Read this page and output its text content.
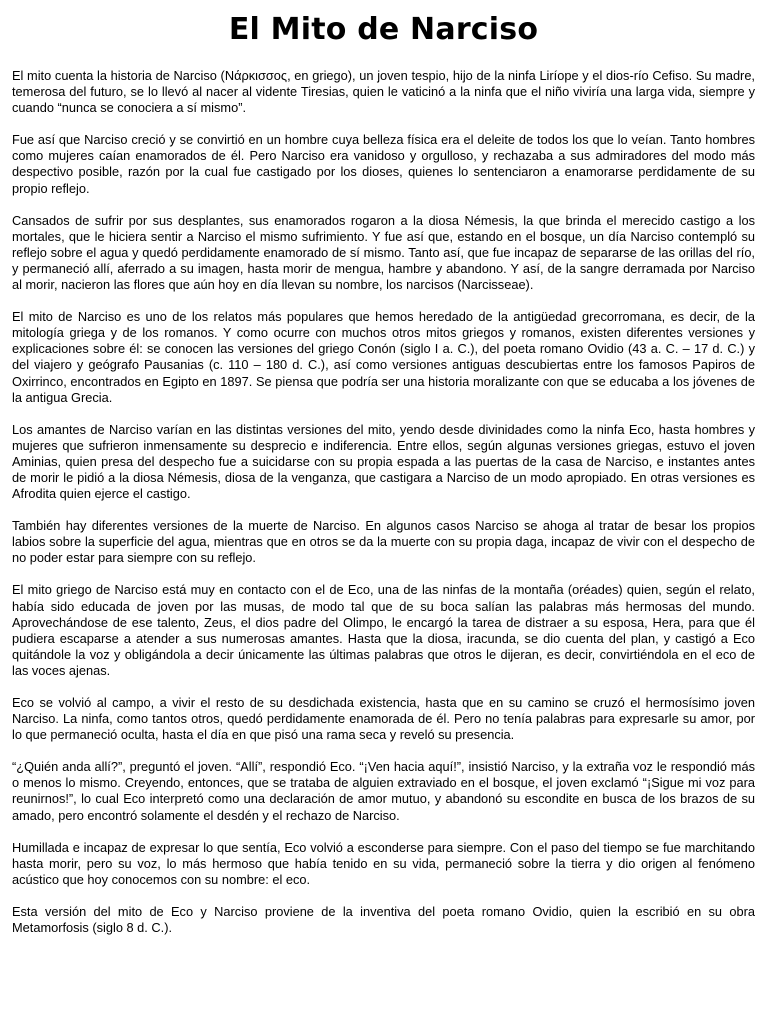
El Mito de Narciso

El mito cuenta la historia de Narciso (Νάρκισσος, en griego), un joven tespio, hijo de la ninfa Liríope y el dios-río Cefiso. Su madre, temerosa del futuro, se lo llevó al nacer al vidente Tiresias, quien le vaticinó a la ninfa que el niño viviría una larga vida, siempre y cuando “nunca se conociera a sí mismo”.

Fue así que Narciso creció y se convirtió en un hombre cuya belleza física era el deleite de todos los que lo veían. Tanto hombres como mujeres caían enamorados de él. Pero Narciso era vanidoso y orgulloso, y rechazaba a sus admiradores del modo más despectivo posible, razón por la cual fue castigado por los dioses, quienes lo sentenciaron a enamorarse perdidamente de su propio reflejo.

Cansados de sufrir por sus desplantes, sus enamorados rogaron a la diosa Némesis, la que brinda el merecido castigo a los mortales, que le hiciera sentir a Narciso el mismo sufrimiento. Y fue así que, estando en el bosque, un día Narciso contempló su reflejo sobre el agua y quedó perdidamente enamorado de sí mismo. Tanto así, que fue incapaz de separarse de las orillas del río, y permaneció allí, aferrado a su imagen, hasta morir de mengua, hambre y abandono. Y así, de la sangre derramada por Narciso al morir, nacieron las flores que aún hoy en día llevan su nombre, los narcisos (Narcisseae).

El mito de Narciso es uno de los relatos más populares que hemos heredado de la antigüedad grecorromana, es decir, de la mitología griega y de los romanos. Y como ocurre con muchos otros mitos griegos y romanos, existen diferentes versiones y explicaciones sobre él: se conocen las versiones del griego Conón (siglo I a. C.), del poeta romano Ovidio (43 a. C. – 17 d. C.) y del viajero y geógrafo Pausanias (c. 110 – 180 d. C.), así como versiones antiguas descubiertas entre los famosos Papiros de Oxirrinco, encontrados en Egipto en 1897. Se piensa que podría ser una historia moralizante con que se educaba a los jóvenes de la antigua Grecia.

Los amantes de Narciso varían en las distintas versiones del mito, yendo desde divinidades como la ninfa Eco, hasta hombres y mujeres que sufrieron inmensamente su desprecio e indiferencia. Entre ellos, según algunas versiones griegas, estuvo el joven Aminias, quien presa del despecho fue a suicidarse con su propia espada a las puertas de la casa de Narciso, e instantes antes de morir le pidió a la diosa Némesis, diosa de la venganza, que castigara a Narciso de un modo apropiado. En otras versiones es Afrodita quien ejerce el castigo.

También hay diferentes versiones de la muerte de Narciso. En algunos casos Narciso se ahoga al tratar de besar los propios labios sobre la superficie del agua, mientras que en otros se da la muerte con su propia daga, incapaz de vivir con el despecho de no poder estar para siempre con su reflejo.

El mito griego de Narciso está muy en contacto con el de Eco, una de las ninfas de la montaña (oréades) quien, según el relato, había sido educada de joven por las musas, de modo tal que de su boca salían las palabras más hermosas del mundo. Aprovechándose de ese talento, Zeus, el dios padre del Olimpo, le encargó la tarea de distraer a su esposa, Hera, para que él pudiera escaparse a atender a sus numerosas amantes. Hasta que la diosa, iracunda, se dio cuenta del plan, y castigó a Eco quitándole la voz y obligándola a decir únicamente las últimas palabras que otros le dijeran, es decir, convirtiéndola en el eco de las voces ajenas.

Eco se volvió al campo, a vivir el resto de su desdichada existencia, hasta que en su camino se cruzó el hermosísimo joven Narciso. La ninfa, como tantos otros, quedó perdidamente enamorada de él. Pero no tenía palabras para expresarle su amor, por lo que permaneció oculta, hasta el día en que pisó una rama seca y reveló su presencia.

“¿Quién anda allí?”, preguntó el joven. “Allí”, respondió Eco. “¡Ven hacia aquí!”, insistió Narciso, y la extraña voz le respondió más o menos lo mismo. Creyendo, entonces, que se trataba de alguien extraviado en el bosque, el joven exclamó “¡Sigue mi voz para reunirnos!”, lo cual Eco interpretó como una declaración de amor mutuo, y abandonó su escondite en busca de los brazos de su amado, pero encontró solamente el desdén y el rechazo de Narciso.

Humillada e incapaz de expresar lo que sentía, Eco volvió a esconderse para siempre. Con el paso del tiempo se fue marchitando hasta morir, pero su voz, lo más hermoso que había tenido en su vida, permaneció sobre la tierra y dio origen al fenómeno acústico que hoy conocemos con su nombre: el eco.

Esta versión del mito de Eco y Narciso proviene de la inventiva del poeta romano Ovidio, quien la escribió en su obra Metamorfosis (siglo 8 d. C.).
